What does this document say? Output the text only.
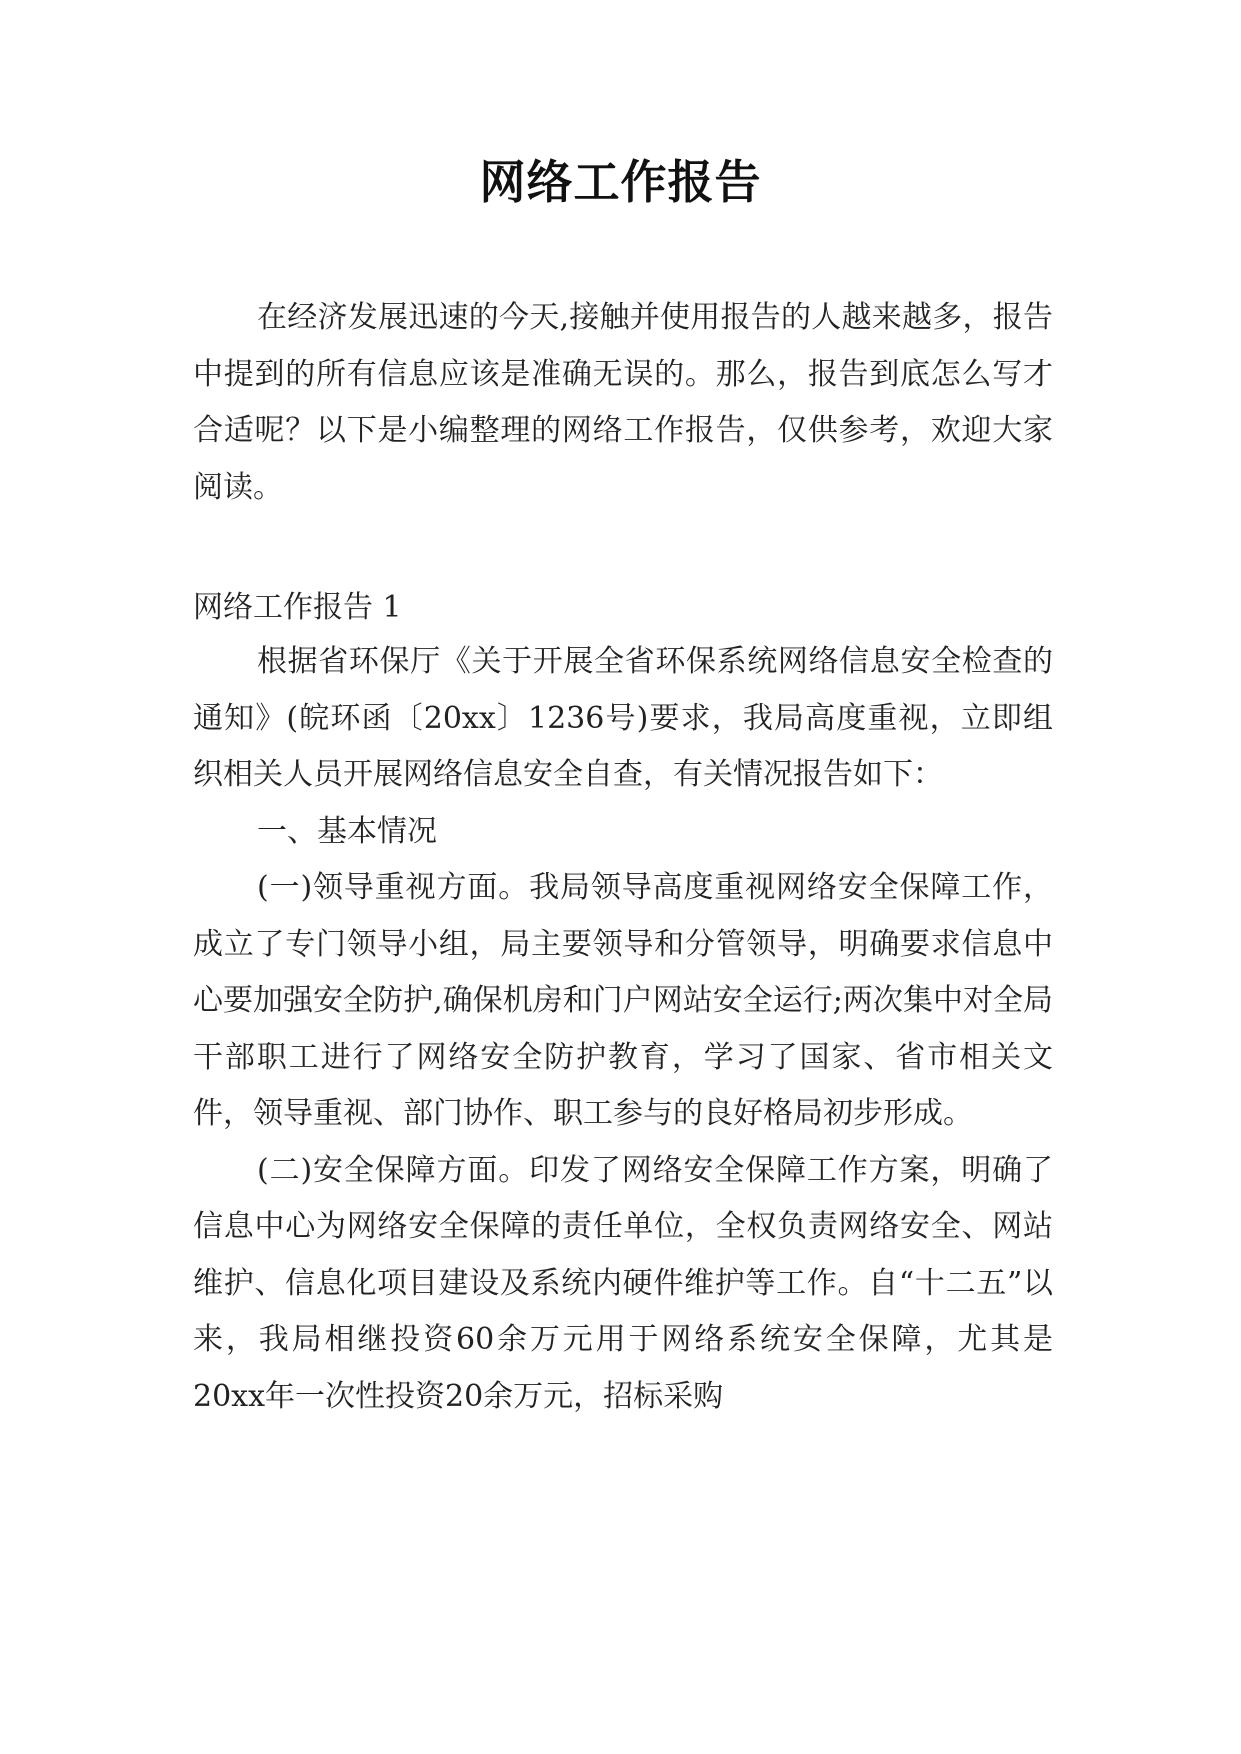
网络工作报告

在经济发展迅速的今天,接触并使用报告的人越来越多，报告中提到的所有信息应该是准确无误的。那么，报告到底怎么写才合适呢？以下是小编整理的网络工作报告，仅供参考，欢迎大家阅读。

网络工作报告 1

根据省环保厅《关于开展全省环保系统网络信息安全检查的通知》(皖环函〔20xx〕1236号)要求，我局高度重视，立即组织相关人员开展网络信息安全自查，有关情况报告如下：

一、基本情况

(一)领导重视方面。我局领导高度重视网络安全保障工作，成立了专门领导小组，局主要领导和分管领导，明确要求信息中心要加强安全防护,确保机房和门户网站安全运行;两次集中对全局干部职工进行了网络安全防护教育，学习了国家、省市相关文件，领导重视、部门协作、职工参与的良好格局初步形成。

(二)安全保障方面。印发了网络安全保障工作方案，明确了信息中心为网络安全保障的责任单位，全权负责网络安全、网站维护、信息化项目建设及系统内硬件维护等工作。自“十二五”以来，我局相继投资60余万元用于网络系统安全保障，尤其是20xx年一次性投资20余万元，招标采购
